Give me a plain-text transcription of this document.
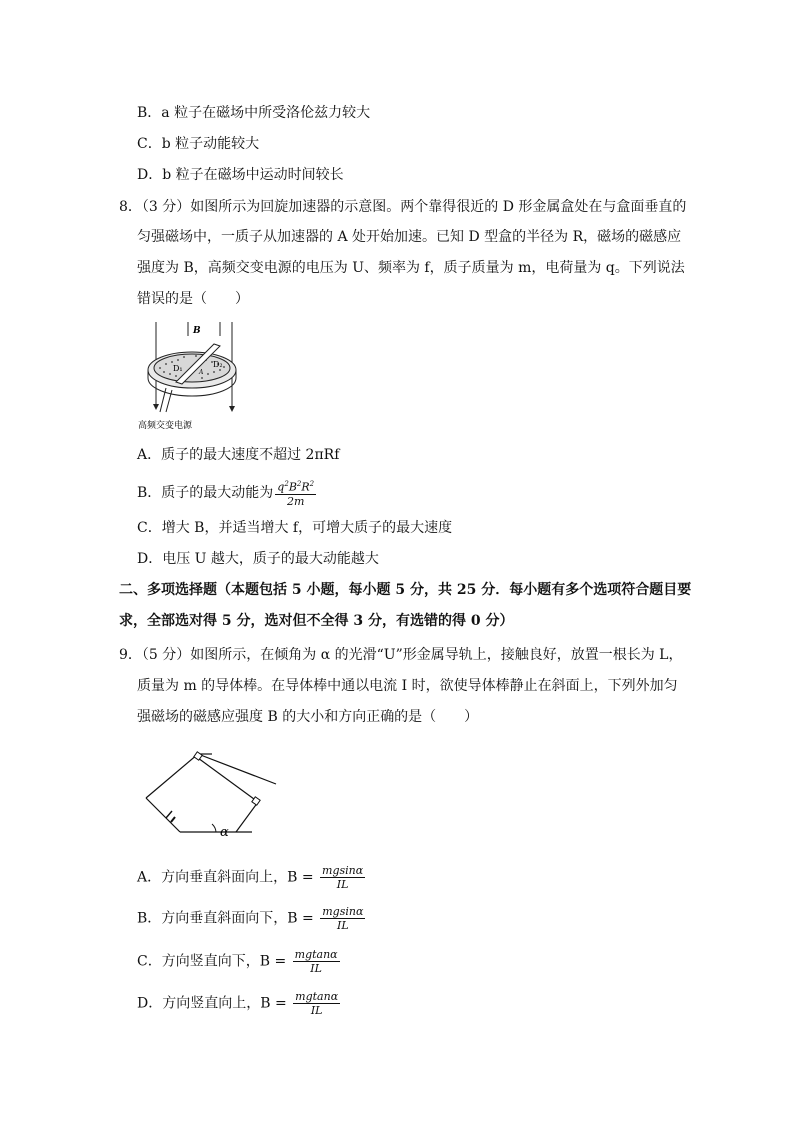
B．a 粒子在磁场中所受洛伦兹力较大
C．b 粒子动能较大
D．b 粒子在磁场中运动时间较长
8．（3 分）如图所示为回旋加速器的示意图。两个靠得很近的 D 形金属盒处在与盒面垂直的
匀强磁场中，一质子从加速器的 A 处开始加速。已知 D 型盒的半径为 R，磁场的磁感应
强度为 B，高频交变电源的电压为 U、频率为 f，质子质量为 m，电荷量为 q。下列说法
错误的是（　　）
B
D₁	D₂
A
高频交变电源
A．质子的最大速度不超过 2πRf
B．质子的最大动能为 $\frac{q^2B^2R^2}{2m}$
C．增大 B，并适当增大 f，可增大质子的最大速度
D．电压 U 越大，质子的最大动能越大
二、多项选择题（本题包括 5 小题，每小题 5 分，共 25 分．每小题有多个选项符合题目要
求，全部选对得 5 分，选对但不全得 3 分，有选错的得 0 分）
9．（5 分）如图所示，在倾角为 α 的光滑“U”形金属导轨上，接触良好，放置一根长为 L，
质量为 m 的导体棒。在导体棒中通以电流 I 时，欲使导体棒静止在斜面上，下列外加匀
强磁场的磁感应强度 B 的大小和方向正确的是（　　）
α
A．方向垂直斜面向上，$B = \frac{mgsin\alpha}{IL}$
B．方向垂直斜面向下，$B = \frac{mgsin\alpha}{IL}$
C．方向竖直向下，$B = \frac{mgtan\alpha}{IL}$
D．方向竖直向上，$B = \frac{mgtan\alpha}{IL}$
